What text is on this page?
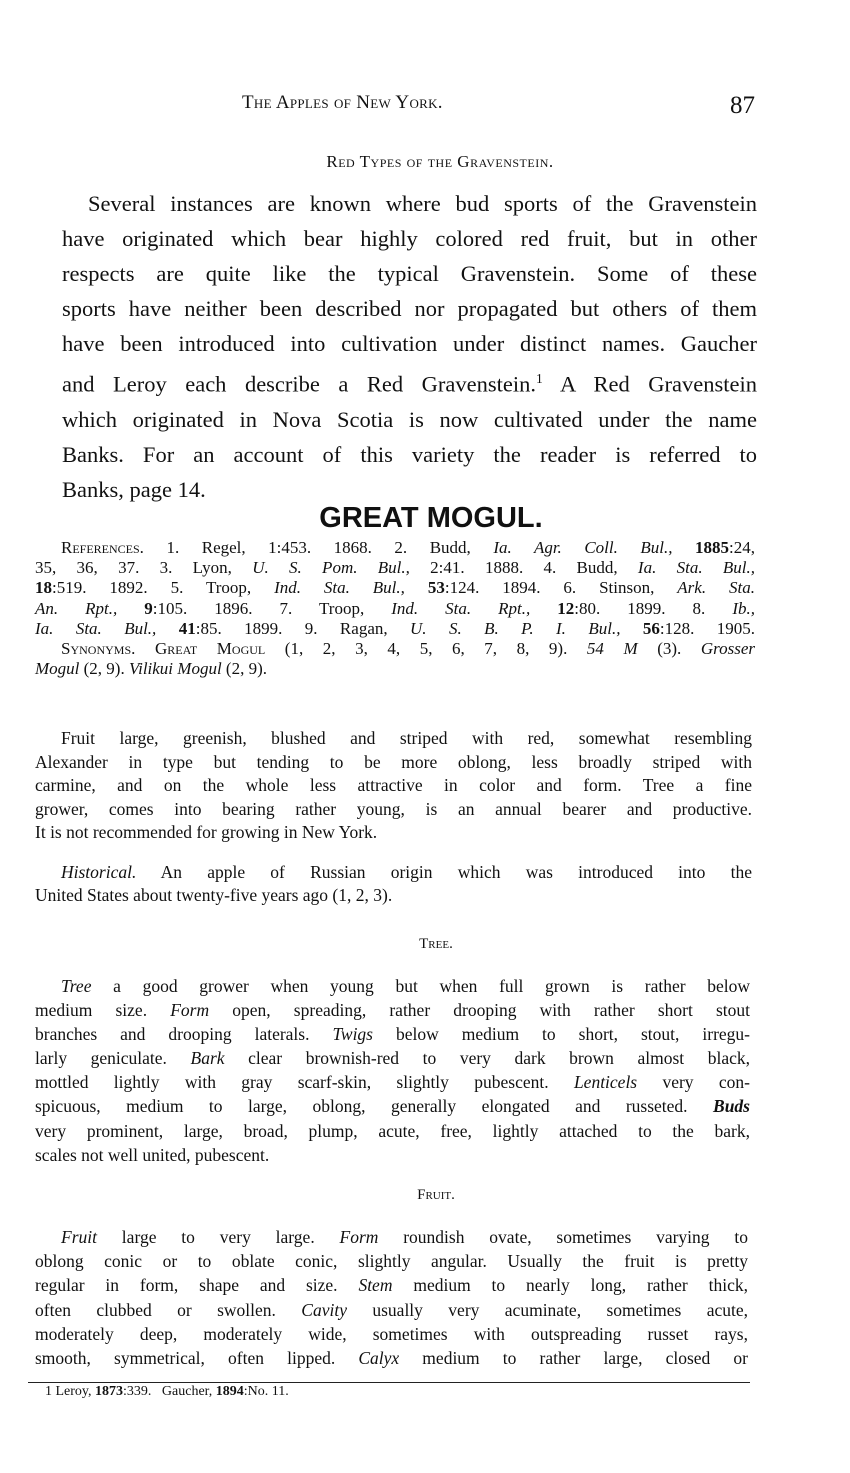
The Apples of New York.	87
Red Types of the Gravenstein.
Several instances are known where bud sports of the Gravenstein
have originated which bear highly colored red fruit, but in other
respects are quite like the typical Gravenstein. Some of these
sports have neither been described nor propagated but others of them
have been introduced into cultivation under distinct names. Gaucher
and Leroy each describe a Red Gravenstein.$^1$ A Red Gravenstein
which originated in Nova Scotia is now cultivated under the name
Banks. For an account of this variety the reader is referred to
Banks, page 14.
GREAT MOGUL.
References. 1. Regel, 1:453. 1868. 2. Budd, Ia. Agr. Coll. Bul., 1885:24,
35, 36, 37. 3. Lyon, U. S. Pom. Bul., 2:41. 1888. 4. Budd, Ia. Sta. Bul.,
18:519. 1892. 5. Troop, Ind. Sta. Bul., 53:124. 1894. 6. Stinson, Ark. Sta.
An. Rpt., 9:105. 1896. 7. Troop, Ind. Sta. Rpt., 12:80. 1899. 8. Ib.,
Ia. Sta. Bul., 41:85. 1899. 9. Ragan, U. S. B. P. I. Bul., 56:128. 1905.
Synonyms. Great Mogul (1, 2, 3, 4, 5, 6, 7, 8, 9). 54 M (3). Grosser
Mogul (2, 9). Vilikui Mogul (2, 9).
Fruit large, greenish, blushed and striped with red, somewhat resembling
Alexander in type but tending to be more oblong, less broadly striped with
carmine, and on the whole less attractive in color and form. Tree a fine
grower, comes into bearing rather young, is an annual bearer and productive.
It is not recommended for growing in New York.
Historical. An apple of Russian origin which was introduced into the
United States about twenty-five years ago (1, 2, 3).
Tree.
Tree a good grower when young but when full grown is rather below
medium size. Form open, spreading, rather drooping with rather short stout
branches and drooping laterals. Twigs below medium to short, stout, irregu-
larly geniculate. Bark clear brownish-red to very dark brown almost black,
mottled lightly with gray scarf-skin, slightly pubescent. Lenticels very con-
spicuous, medium to large, oblong, generally elongated and russeted. Buds
very prominent, large, broad, plump, acute, free, lightly attached to the bark,
scales not well united, pubescent.
Fruit.
Fruit large to very large. Form roundish ovate, sometimes varying to
oblong conic or to oblate conic, slightly angular. Usually the fruit is pretty
regular in form, shape and size. Stem medium to nearly long, rather thick,
often clubbed or swollen. Cavity usually very acuminate, sometimes acute,
moderately deep, moderately wide, sometimes with outspreading russet rays,
smooth, symmetrical, often lipped. Calyx medium to rather large, closed or
1 Leroy, 1873:339.   Gaucher, 1894:No. 11.
